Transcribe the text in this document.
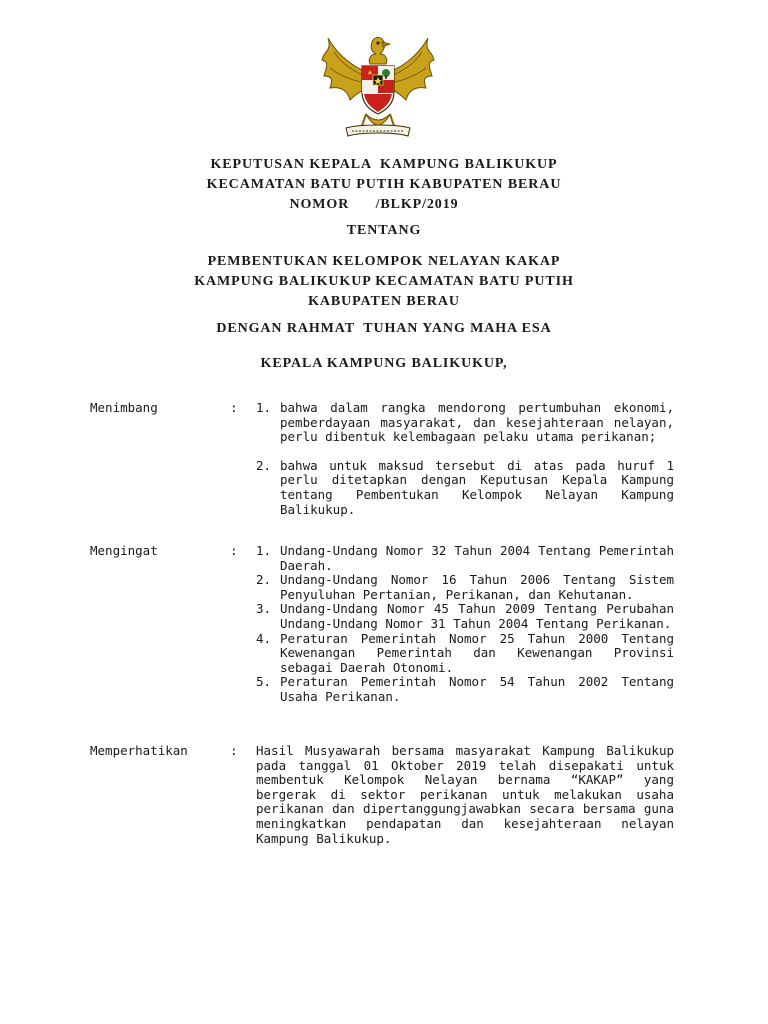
KEPUTUSAN KEPALA  KAMPUNG BALIKUKUP
KECAMATAN BATU PUTIH KABUPATEN BERAU
NOMOR      /BLKP/2019
TENTANG
PEMBENTUKAN KELOMPOK NELAYAN KAKAP
KAMPUNG BALIKUKUP KECAMATAN BATU PUTIH
KABUPATEN BERAU
DENGAN RAHMAT  TUHAN YANG MAHA ESA
KEPALA KAMPUNG BALIKUKUP,
Menimbang	: 1. bahwa dalam rangka mendorong pertumbuhan ekonomi, pemberdayaan masyarakat, dan kesejahteraan nelayan, perlu dibentuk kelembagaan pelaku utama perikanan;
2. bahwa untuk maksud tersebut di atas pada huruf 1 perlu ditetapkan dengan Keputusan Kepala Kampung tentang Pembentukan Kelompok Nelayan Kampung Balikukup.
Mengingat	: 1. Undang-Undang Nomor 32 Tahun 2004 Tentang Pemerintah Daerah.
2. Undang-Undang Nomor 16 Tahun 2006 Tentang Sistem Penyuluhan Pertanian, Perikanan, dan Kehutanan.
3. Undang-Undang Nomor 45 Tahun 2009 Tentang Perubahan Undang-Undang Nomor 31 Tahun 2004 Tentang Perikanan.
4. Peraturan Pemerintah Nomor 25 Tahun 2000 Tentang Kewenangan Pemerintah dan Kewenangan Provinsi sebagai Daerah Otonomi.
5. Peraturan Pemerintah Nomor 54 Tahun 2002 Tentang Usaha Perikanan.
Memperhatikan	: Hasil Musyawarah bersama masyarakat Kampung Balikukup pada tanggal 01 Oktober 2019 telah disepakati untuk membentuk Kelompok Nelayan bernama “KAKAP” yang bergerak di sektor perikanan untuk melakukan usaha perikanan dan dipertanggungjawabkan secara bersama guna meningkatkan pendapatan dan kesejahteraan nelayan Kampung Balikukup.
